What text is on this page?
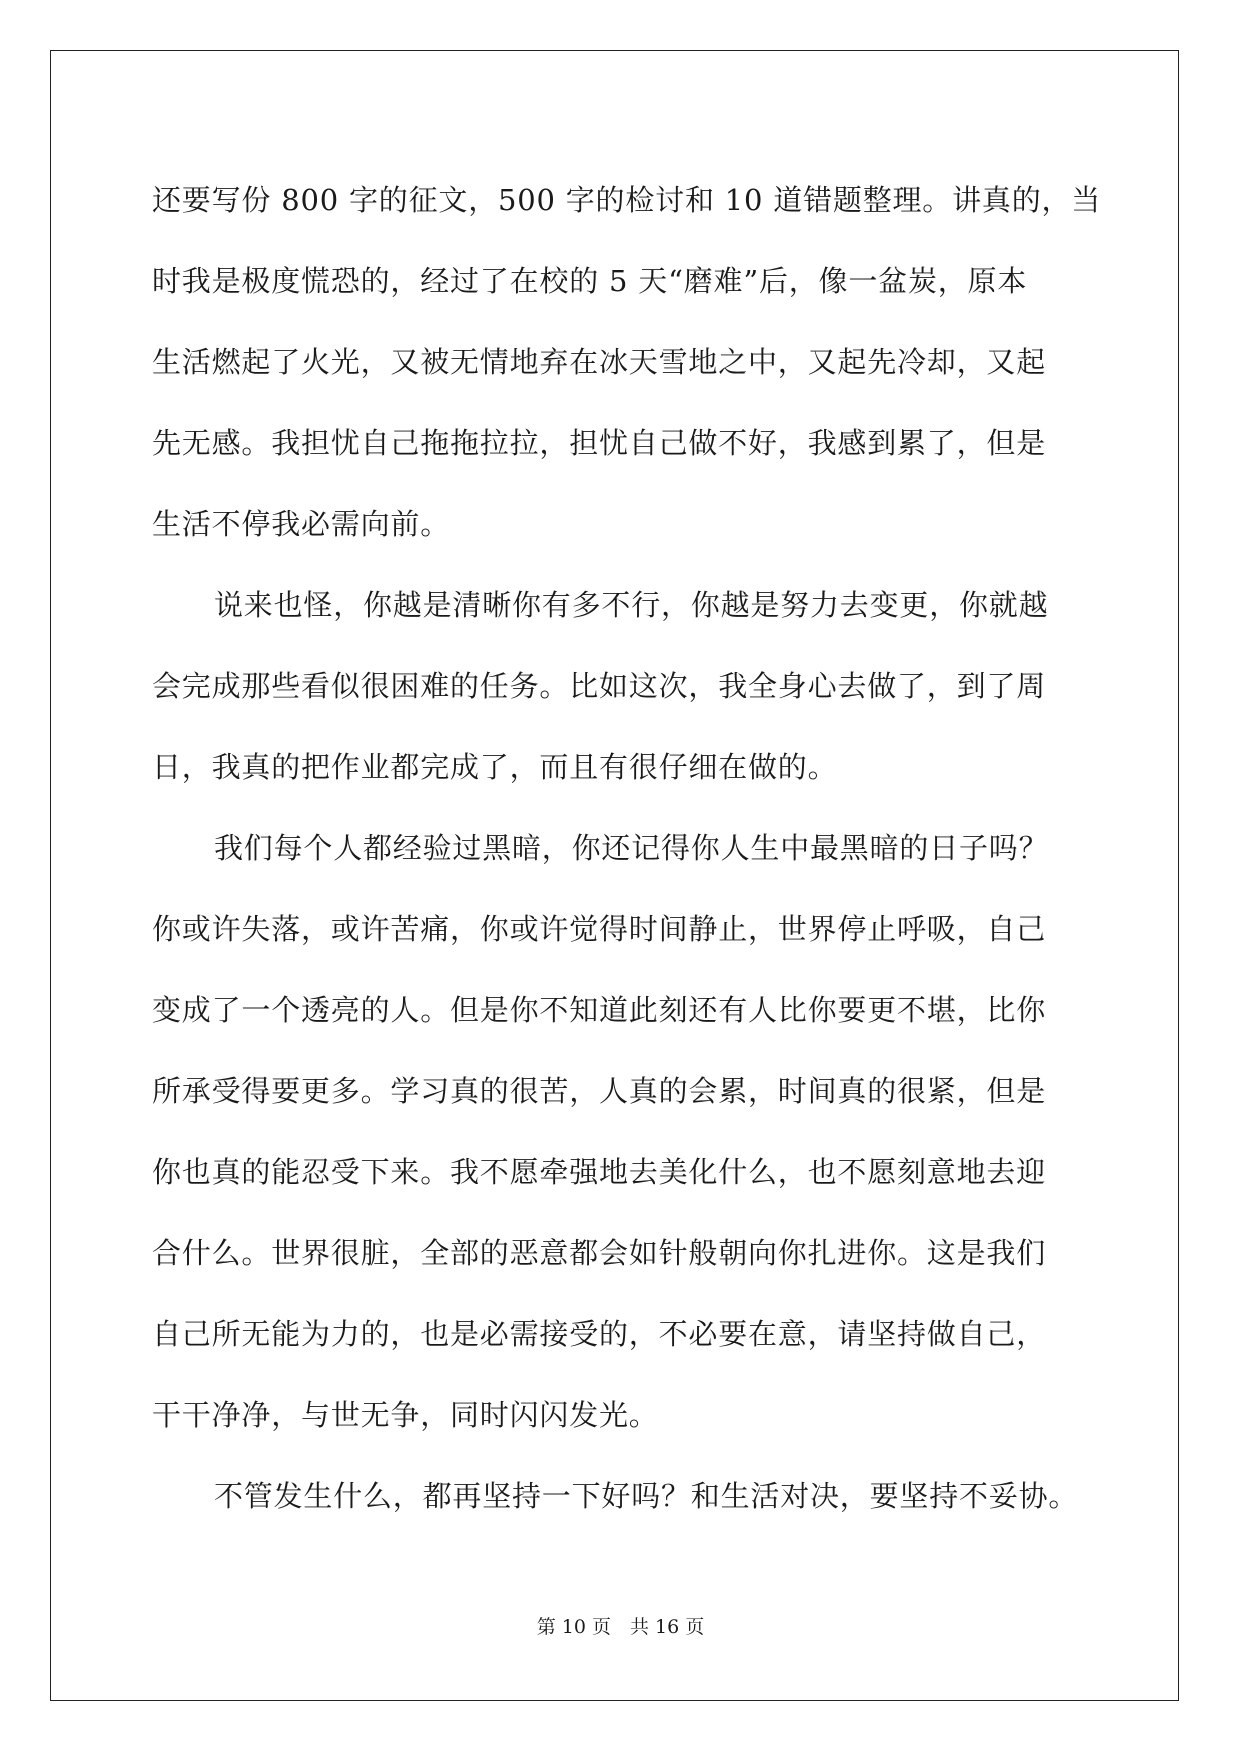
还要写份 800 字的征文，500 字的检讨和 10 道错题整理。讲真的，当
时我是极度慌恐的，经过了在校的 5 天“磨难”后，像一盆炭，原本
生活燃起了火光，又被无情地弃在冰天雪地之中，又起先冷却，又起
先无感。我担忧自己拖拖拉拉，担忧自己做不好，我感到累了，但是
生活不停我必需向前。
说来也怪，你越是清晰你有多不行，你越是努力去变更，你就越
会完成那些看似很困难的任务。比如这次，我全身心去做了，到了周
日，我真的把作业都完成了，而且有很仔细在做的。
我们每个人都经验过黑暗，你还记得你人生中最黑暗的日子吗？
你或许失落，或许苦痛，你或许觉得时间静止，世界停止呼吸，自己
变成了一个透亮的人。但是你不知道此刻还有人比你要更不堪，比你
所承受得要更多。学习真的很苦，人真的会累，时间真的很紧，但是
你也真的能忍受下来。我不愿牵强地去美化什么，也不愿刻意地去迎
合什么。世界很脏，全部的恶意都会如针般朝向你扎进你。这是我们
自己所无能为力的，也是必需接受的，不必要在意，请坚持做自己，
干干净净，与世无争，同时闪闪发光。
不管发生什么，都再坚持一下好吗？和生活对决，要坚持不妥协。
第 10 页　共 16 页
